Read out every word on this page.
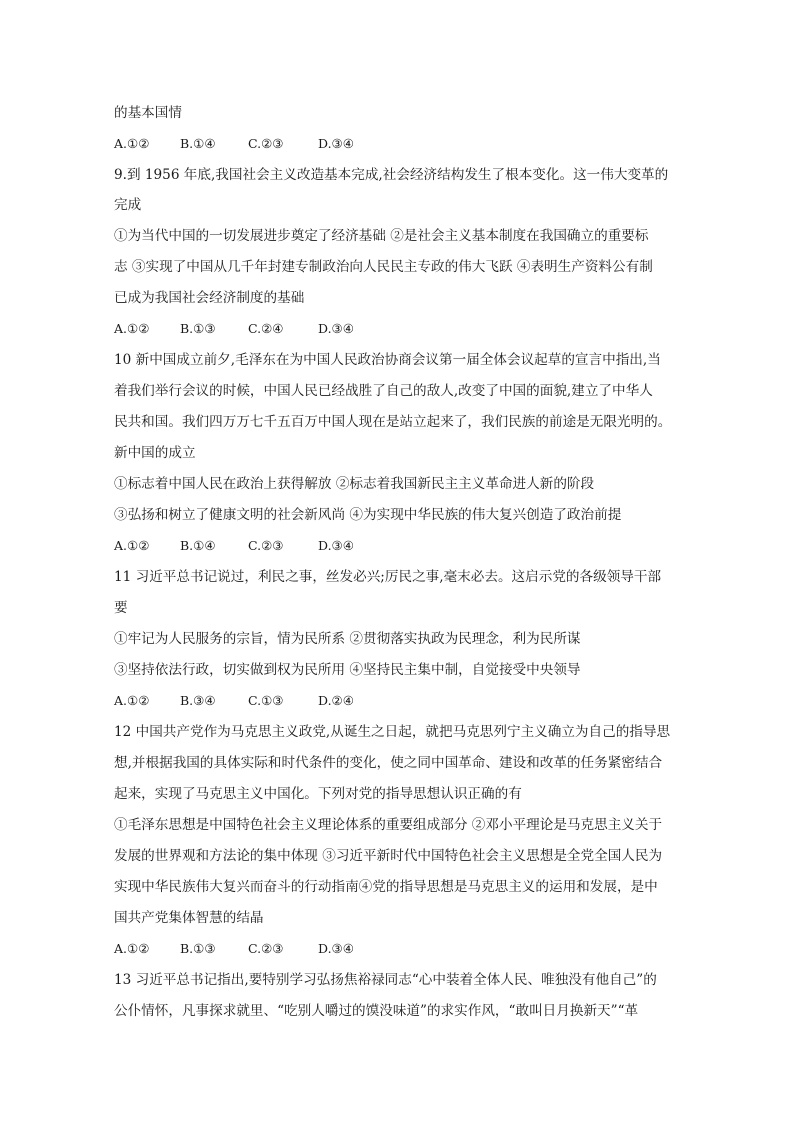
的基本国情
A.①②	B.①④	C.②③	D.③④
9.到 1956 年底,我国社会主义改造基本完成,社会经济结构发生了根本变化。这一伟大变革的
完成
①为当代中国的一切发展进步奠定了经济基础 ②是社会主义基本制度在我国确立的重要标
志 ③实现了中国从几千年封建专制政治向人民民主专政的伟大飞跃 ④表明生产资料公有制
已成为我国社会经济制度的基础
A.①②	B.①③	C.②④	D.③④
10 新中国成立前夕,毛泽东在为中国人民政治协商会议第一届全体会议起草的宣言中指出,当
着我们举行会议的时候，中国人民已经战胜了自己的敌人,改变了中国的面貌,建立了中华人
民共和国。我们四万万七千五百万中国人现在是站立起来了，我们民族的前途是无限光明的。
新中国的成立
①标志着中国人民在政治上获得解放 ②标志着我国新民主主义革命进人新的阶段
③弘扬和树立了健康文明的社会新风尚 ④为实现中华民族的伟大复兴创造了政治前提
A.①②	B.①④	C.②③	D.③④
11 习近平总书记说过，利民之事，丝发必兴;厉民之事,毫末必去。这启示党的各级领导干部
要
①牢记为人民服务的宗旨，情为民所系 ②贯彻落实执政为民理念，利为民所谋
③坚持依法行政，切实做到权为民所用 ④坚持民主集中制，自觉接受中央领导
A.①②	B.③④	C.①③	D.②④
12 中国共产党作为马克思主义政党,从诞生之日起，就把马克思列宁主义确立为自己的指导思
想,并根据我国的具体实际和时代条件的变化，使之同中国革命、建设和改革的任务紧密结合
起来，实现了马克思主义中国化。下列对党的指导思想认识正确的有
①毛泽东思想是中国特色社会主义理论体系的重要组成部分 ②邓小平理论是马克思主义关于
发展的世界观和方法论的集中体现 ③习近平新时代中国特色社会主义思想是全党全国人民为
实现中华民族伟大复兴而奋斗的行动指南④党的指导思想是马克思主义的运用和发展，是中
国共产党集体智慧的结晶
A.①②	B.①③	C.②③	D.③④
13 习近平总书记指出,要特别学习弘扬焦裕禄同志“心中装着全体人民、唯独没有他自己”的
公仆情怀，凡事探求就里、“吃别人嚼过的馍没味道”的求实作风，“敢叫日月换新天”“革
